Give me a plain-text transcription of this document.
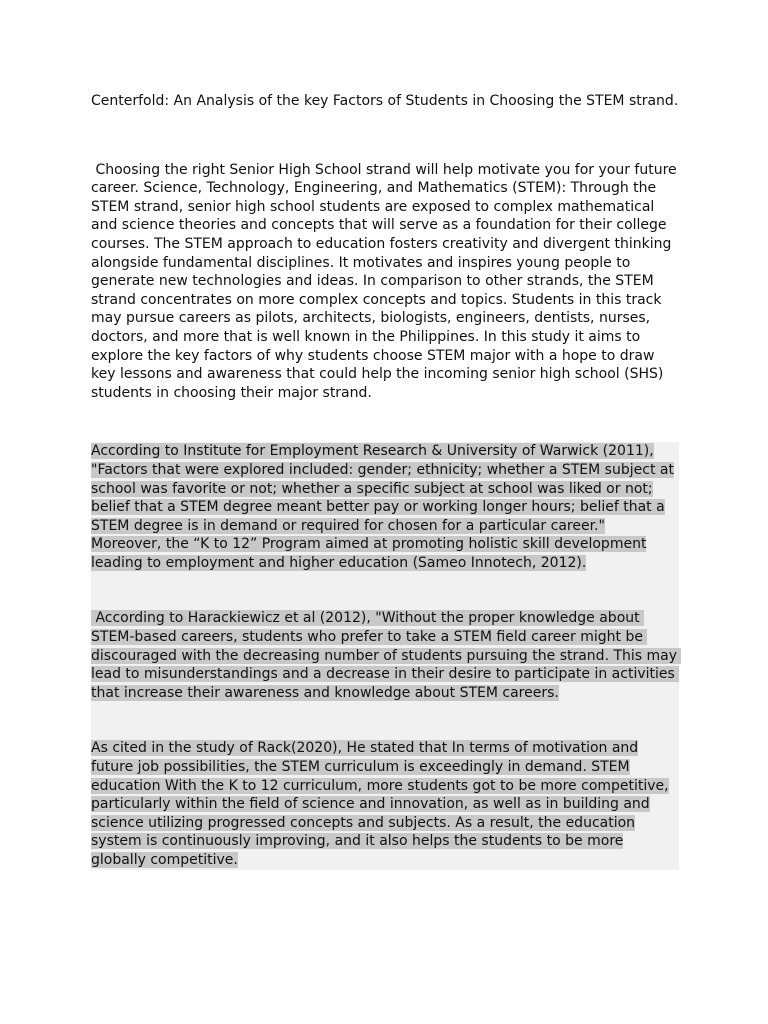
Centerfold: An Analysis of the key Factors of Students in Choosing the STEM strand.

Choosing the right Senior High School strand will help motivate you for your future career. Science, Technology, Engineering, and Mathematics (STEM): Through the STEM strand, senior high school students are exposed to complex mathematical and science theories and concepts that will serve as a foundation for their college courses. The STEM approach to education fosters creativity and divergent thinking alongside fundamental disciplines. It motivates and inspires young people to generate new technologies and ideas. In comparison to other strands, the STEM strand concentrates on more complex concepts and topics. Students in this track may pursue careers as pilots, architects, biologists, engineers, dentists, nurses, doctors, and more that is well known in the Philippines. In this study it aims to explore the key factors of why students choose STEM major with a hope to draw key lessons and awareness that could help the incoming senior high school (SHS) students in choosing their major strand.

According to Institute for Employment Research & University of Warwick (2011), "Factors that were explored included: gender; ethnicity; whether a STEM subject at school was favorite or not; whether a specific subject at school was liked or not; belief that a STEM degree meant better pay or working longer hours; belief that a STEM degree is in demand or required for chosen for a particular career." Moreover, the “K to 12” Program aimed at promoting holistic skill development leading to employment and higher education (Sameo Innotech, 2012).

According to Harackiewicz et al (2012), "Without the proper knowledge about STEM-based careers, students who prefer to take a STEM field career might be discouraged with the decreasing number of students pursuing the strand. This may lead to misunderstandings and a decrease in their desire to participate in activities that increase their awareness and knowledge about STEM careers.

As cited in the study of Rack(2020), He stated that In terms of motivation and future job possibilities, the STEM curriculum is exceedingly in demand. STEM education With the K to 12 curriculum, more students got to be more competitive, particularly within the field of science and innovation, as well as in building and science utilizing progressed concepts and subjects. As a result, the education system is continuously improving, and it also helps the students to be more globally competitive.
